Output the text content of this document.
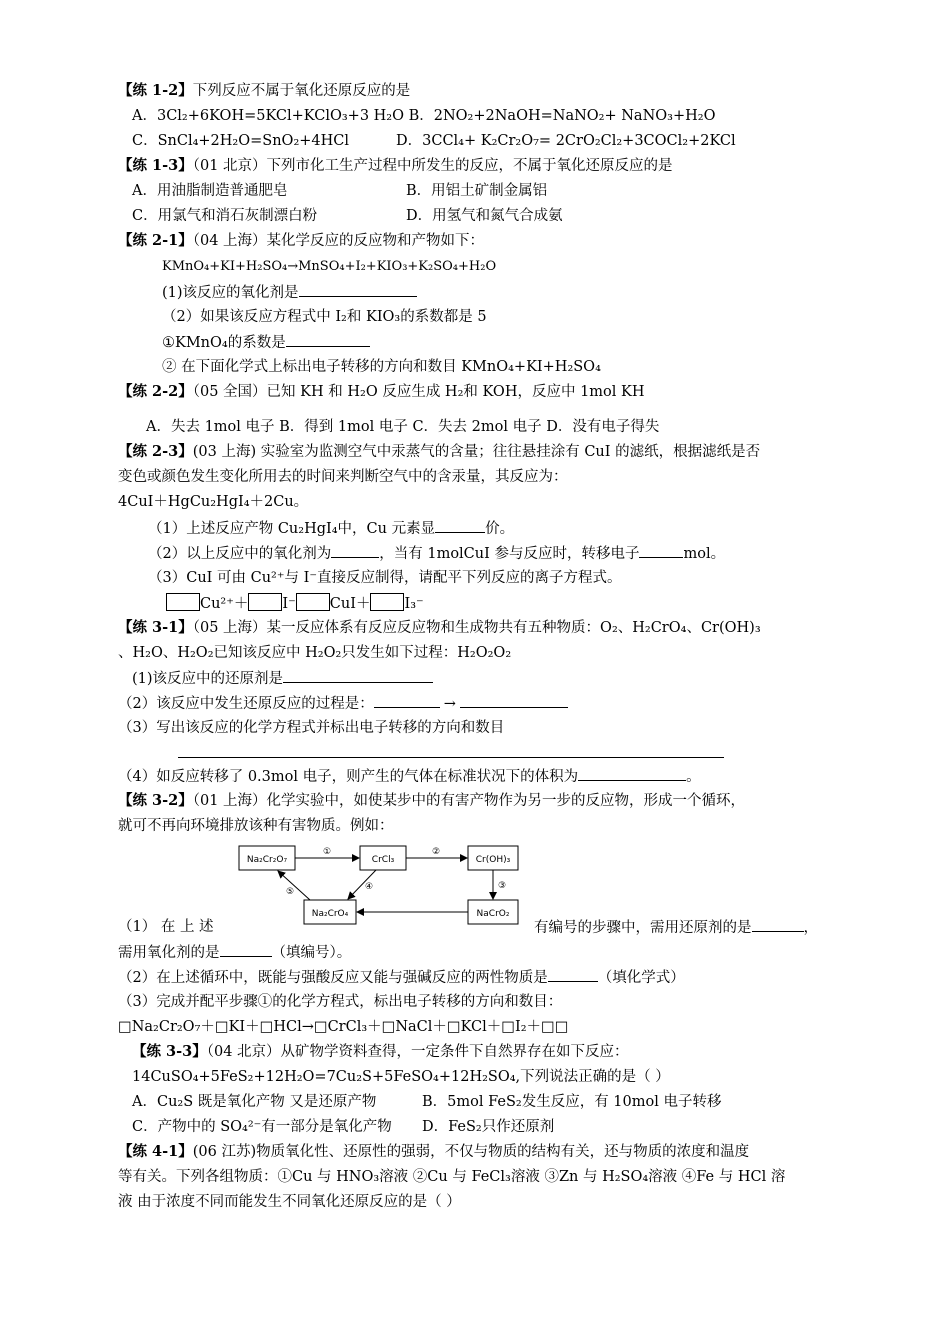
【练 1-2】下列反应不属于氧化还原反应的是
A．3Cl₂+6KOH=5KCl+KClO₃+3 H₂O B．2NO₂+2NaOH=NaNO₂+ NaNO₃+H₂O
C．SnCl₄+2H₂O=SnO₂+4HCl	D．3CCl₄+ K₂Cr₂O₇= 2CrO₂Cl₂+3COCl₂+2KCl
【练 1-3】（01 北京）下列市化工生产过程中所发生的反应，不属于氧化还原反应的是
A．用油脂制造普通肥皂	B．用铝土矿制金属铝
C．用氯气和消石灰制漂白粉	D．用氢气和氮气合成氨
【练 2-1】（04 上海）某化学反应的反应物和产物如下：
KMnO₄+KI+H₂SO₄→MnSO₄+I₂+KIO₃+K₂SO₄+H₂O
(1)该反应的氧化剂是
（2）如果该反应方程式中 I₂和 KIO₃的系数都是 5
①KMnO₄的系数是
② 在下面化学式上标出电子转移的方向和数目 KMnO₄+KI+H₂SO₄
【练 2-2】（05 全国）已知 KH 和 H₂O 反应生成 H₂和 KOH，反应中 1mol KH
A．失去 1mol 电子 B．得到 1mol 电子 C．失去 2mol 电子 D．没有电子得失
【练 2-3】(03 上海) 实验室为监测空气中汞蒸气的含量；往往悬挂涂有 CuI 的滤纸，根据滤纸是否
变色或颜色发生变化所用去的时间来判断空气中的含汞量，其反应为：
4CuI＋HgCu₂HgI₄＋2Cu。
（1）上述反应产物 Cu₂HgI₄中，Cu 元素显	价。
（2）以上反应中的氧化剂为	，当有 1molCuI 参与反应时，转移电子	mol。
（3）CuI 可由 Cu²⁺与 I⁻直接反应制得，请配平下列反应的离子方程式。
Cu²⁺＋ I⁻ CuI＋ I₃⁻
【练 3-1】（05 上海）某一反应体系有反应反应物和生成物共有五种物质：O₂、H₂CrO₄、Cr(OH)₃
、H₂O、H₂O₂已知该反应中 H₂O₂只发生如下过程：H₂O₂O₂
(1)该反应中的还原剂是
（2）该反应中发生还原反应的过程是：	→
（3）写出该反应的化学方程式并标出电子转移的方向和数目
（4）如反应转移了 0.3mol 电子，则产生的气体在标准状况下的体积为	。
【练 3-2】（01 上海）化学实验中，如使某步中的有害产物作为另一步的反应物，形成一个循环，
就可不再向环境排放该种有害物质。例如：
Na₂Cr₂O₇	CrCl₃	Cr(OH)₃
Na₂CrO₄	NaCrO₂
①	②
③
④
⑤
（1） 在 上 述	有编号的步骤中，需用还原剂的是	，
需用氧化剂的是	（填编号）。
（2）在上述循环中，既能与强酸反应又能与强碱反应的两性物质是	（填化学式）
（3）完成并配平步骤①的化学方程式，标出电子转移的方向和数目：
□Na₂Cr₂O₇＋□KI＋□HCl→□CrCl₃＋□NaCl＋□KCl＋□I₂＋□□
【练 3-3】（04 北京）从矿物学资料查得，一定条件下自然界存在如下反应：
14CuSO₄+5FeS₂+12H₂O=7Cu₂S+5FeSO₄+12H₂SO₄,下列说法正确的是（ ）
A．Cu₂S 既是氧化产物 又是还原产物	B．5mol FeS₂发生反应，有 10mol 电子转移
C．产物中的 SO₄²⁻有一部分是氧化产物 D．FeS₂只作还原剂
【练 4-1】(06 江苏)物质氧化性、还原性的强弱，不仅与物质的结构有关，还与物质的浓度和温度
等有关。下列各组物质：①Cu 与 HNO₃溶液 ②Cu 与 FeCl₃溶液 ③Zn 与 H₂SO₄溶液 ④Fe 与 HCl 溶
液 由于浓度不同而能发生不同氧化还原反应的是（ ）
